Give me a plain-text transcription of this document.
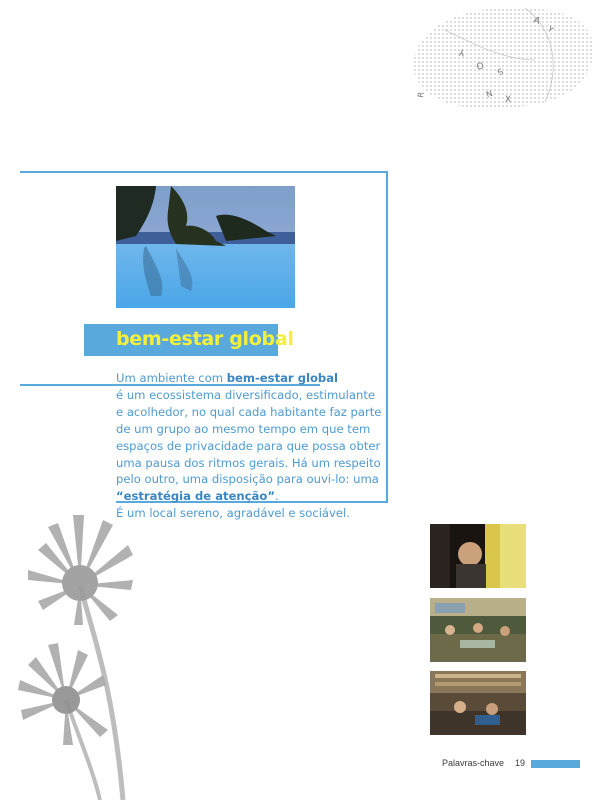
A
Y
Y
O
S
X
R	N
bem-estar global
Um ambiente com bem-estar global
é um ecossistema diversificado, estimulante
e acolhedor, no qual cada habitante faz parte
de um grupo ao mesmo tempo em que tem
espaços de privacidade para que possa obter
uma pausa dos ritmos gerais. Há um respeito
pelo outro, uma disposição para ouvi-lo: uma
“estratégia de atenção”.
É um local sereno, agradável e sociável.
Palavras-chave 19
